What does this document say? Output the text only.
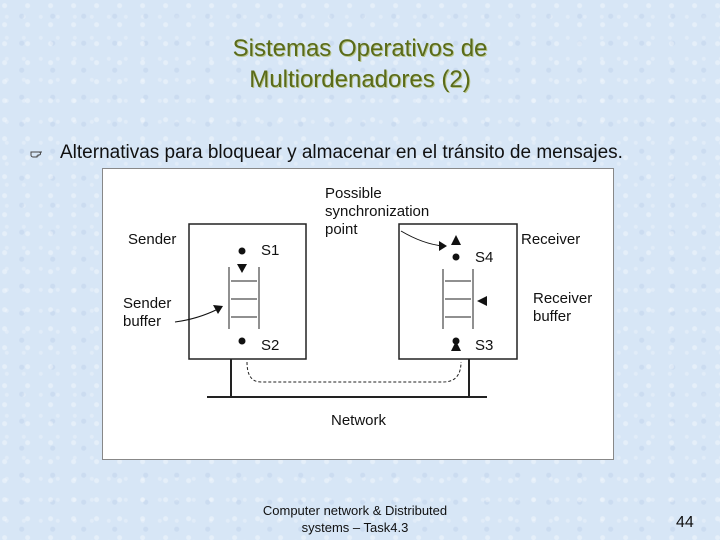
Sistemas Operativos de
Multiordenadores (2)
Alternativas para bloquear y almacenar en el tránsito de mensajes.
Possible
synchronization
point
Sender	Receiver
Sender
buffer
Receiver
buffer
S1
S2	S3
S4
Network
Computer network & Distributed
systems – Task4.3	44
